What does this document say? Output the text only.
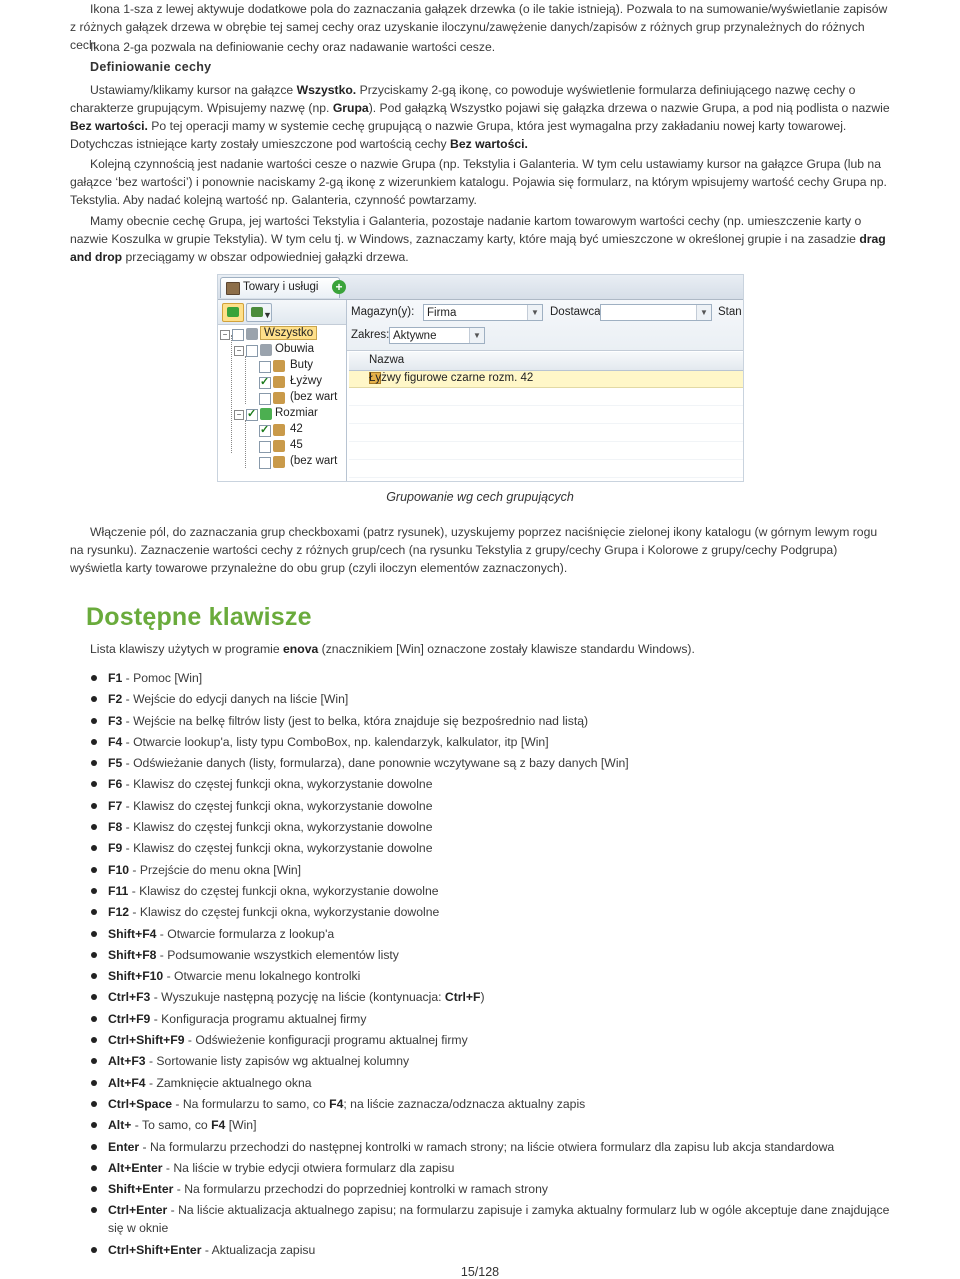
Ikona 1-sza z lewej aktywuje dodatkowe pola do zaznaczania gałązek drzewka (o ile takie istnieją). Pozwala to na sumowanie/wyświetlanie zapisów z różnych gałązek drzewa w obrębie tej samej cechy oraz uzyskanie iloczynu/zawężenie danych/zapisów z różnych grup przynależnych do różnych cech.

Ikona 2-ga pozwala na definiowanie cechy oraz nadawanie wartości cesze.

Definiowanie cechy

Ustawiamy/klikamy kursor na gałązce Wszystko. Przyciskamy 2-gą ikonę, co powoduje wyświetlenie formularza definiującego nazwę cechy o charakterze grupującym. Wpisujemy nazwę (np. Grupa). Pod gałązką Wszystko pojawi się gałązka drzewa o nazwie Grupa, a pod nią podlista o nazwie Bez wartości. Po tej operacji mamy w systemie cechę grupującą o nazwie Grupa, która jest wymagalna przy zakładaniu nowej karty towarowej. Dotychczas istniejące karty zostały umieszczone pod wartością cechy Bez wartości.

Kolejną czynnością jest nadanie wartości cesze o nazwie Grupa (np. Tekstylia i Galanteria. W tym celu ustawiamy kursor na gałązce Grupa (lub na gałązce ‘bez wartości’) i ponownie naciskamy 2-gą ikonę z wizerunkiem katalogu. Pojawia się formularz, na którym wpisujemy wartość cechy Grupa np. Tekstylia. Aby nadać kolejną wartość np. Galanteria, czynność powtarzamy.

Mamy obecnie cechę Grupa, jej wartości Tekstylia i Galanteria, pozostaje nadanie kartom towarowym wartości cechy (np. umieszczenie karty o nazwie Koszulka w grupie Tekstylia). W tym celu tj. w Windows, zaznaczamy karty, które mają być umieszczone w określonej grupie i na zasadzie drag and drop przeciągamy w obszar odpowiedniej gałązki drzewa.

Towary i usługi +
▼
−	Wszystko
−	Obuwia
Buty
✓
Łyżwy
(bez wart
−
✓	Rozmiar
✓
42
45
(bez wart
Magazyn(y):	Firma	▼ Dostawca	▼ Stan
Zakres: Aktywne	▼
Nazwa
Łyżwy figurowe czarne rozm. 42
Grupowanie wg cech grupujących

Włączenie pól, do zaznaczania grup checkboxami (patrz rysunek), uzyskujemy poprzez naciśnięcie zielonej ikony katalogu (w górnym lewym rogu na rysunku). Zaznaczenie wartości cechy z różnych grup/cech (na rysunku Tekstylia z grupy/cechy Grupa i Kolorowe z grupy/cechy Podgrupa) wyświetla karty towarowe przynależne do obu grup (czyli iloczyn elementów zaznaczonych).

Dostępne klawisze

Lista klawiszy użytych w programie enova (znacznikiem [Win] oznaczone zostały klawisze standardu Windows).

F1 - Pomoc [Win]
F2 - Wejście do edycji danych na liście [Win]
F3 - Wejście na belkę filtrów listy (jest to belka, która znajduje się bezpośrednio nad listą)
F4 - Otwarcie lookup'a, listy typu ComboBox, np. kalendarzyk, kalkulator, itp [Win]
F5 - Odświeżanie danych (listy, formularza), dane ponownie wczytywane są z bazy danych [Win]
F6 - Klawisz do częstej funkcji okna, wykorzystanie dowolne
F7 - Klawisz do częstej funkcji okna, wykorzystanie dowolne
F8 - Klawisz do częstej funkcji okna, wykorzystanie dowolne
F9 - Klawisz do częstej funkcji okna, wykorzystanie dowolne
F10 - Przejście do menu okna [Win]
F11 - Klawisz do częstej funkcji okna, wykorzystanie dowolne
F12 - Klawisz do częstej funkcji okna, wykorzystanie dowolne
Shift+F4 - Otwarcie formularza z lookup'a
Shift+F8 - Podsumowanie wszystkich elementów listy
Shift+F10 - Otwarcie menu lokalnego kontrolki
Ctrl+F3 - Wyszukuje następną pozycję na liście (kontynuacja: Ctrl+F)
Ctrl+F9 - Konfiguracja programu aktualnej firmy
Ctrl+Shift+F9 - Odświeżenie konfiguracji programu aktualnej firmy
Alt+F3 - Sortowanie listy zapisów wg aktualnej kolumny
Alt+F4 - Zamknięcie aktualnego okna
Ctrl+Space - Na formularzu to samo, co F4; na liście zaznacza/odznacza aktualny zapis
Alt+ - To samo, co F4 [Win]
Enter - Na formularzu przechodzi do następnej kontrolki w ramach strony; na liście otwiera formularz dla zapisu lub akcja standardowa
Alt+Enter - Na liście w trybie edycji otwiera formularz dla zapisu
Shift+Enter - Na formularzu przechodzi do poprzedniej kontrolki w ramach strony
Ctrl+Enter - Na liście aktualizacja aktualnego zapisu; na formularzu zapisuje i zamyka aktualny formularz lub w ogóle akceptuje dane znajdujące się w oknie
Ctrl+Shift+Enter - Aktualizacja zapisu
15/128
